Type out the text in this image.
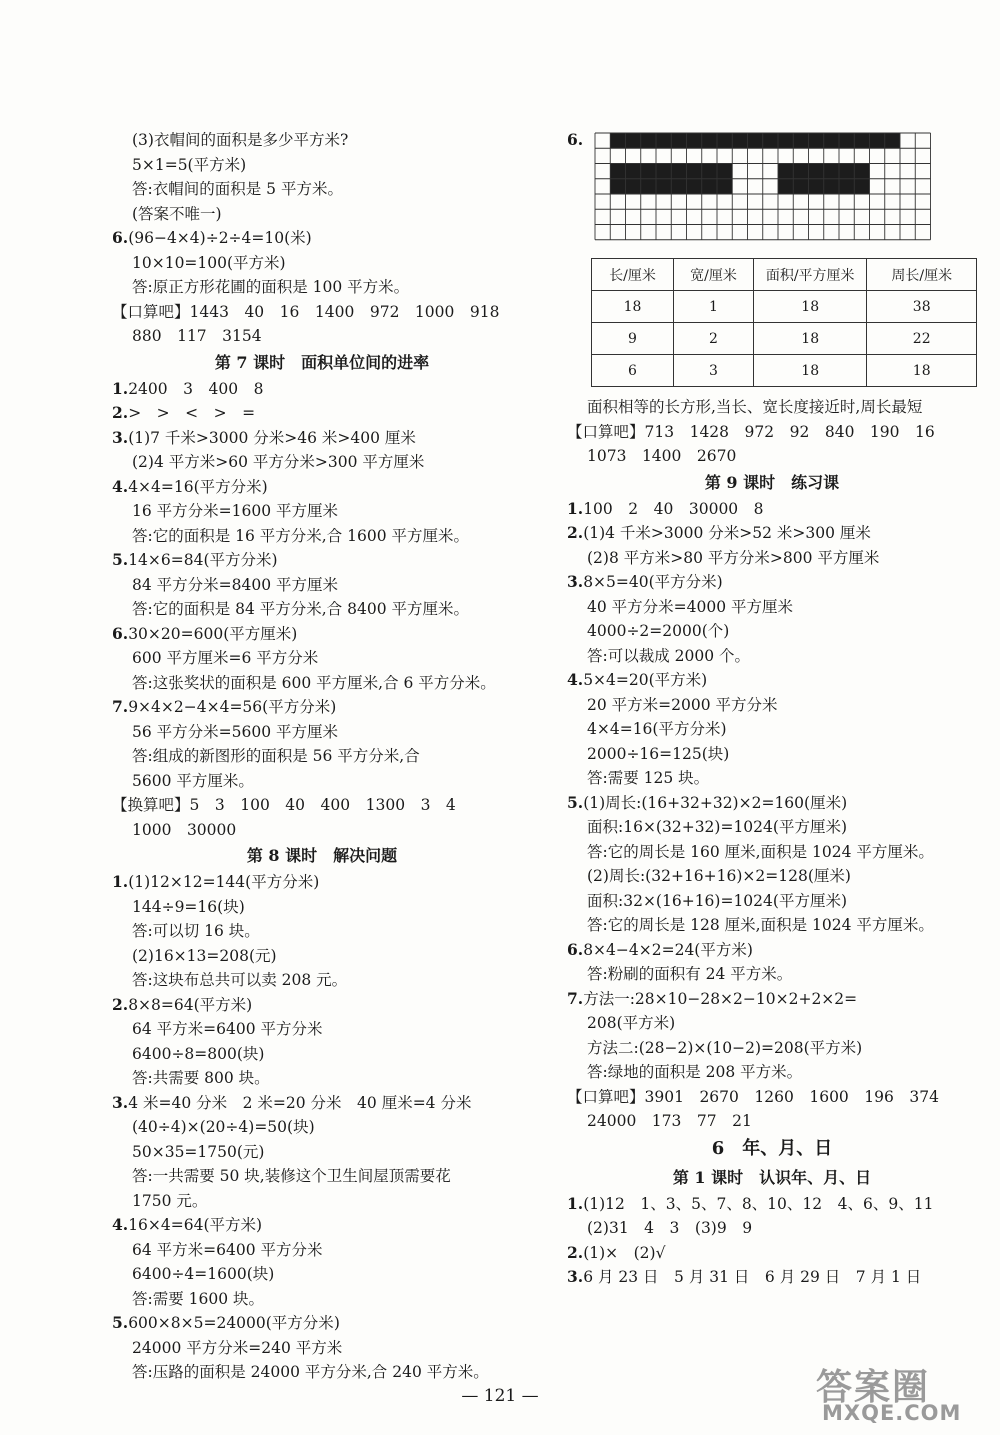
(3)衣帽间的面积是多少平方米?
5×1=5(平方米)
答:衣帽间的面积是 5 平方米。
(答案不唯一)
6.(96−4×4)÷2÷4=10(米)
10×10=100(平方米)
答:原正方形花圃的面积是 100 平方米。
【口算吧】1443　40　16　1400　972　1000　918
880　117　3154
第 7 课时　面积单位间的进率
1.2400　3　400　8
2.>　>　<　>　=
3.(1)7 千米>3000 分米>46 米>400 厘米
(2)4 平方米>60 平方分米>300 平方厘米
4.4×4=16(平方分米)
16 平方分米=1600 平方厘米
答:它的面积是 16 平方分米,合 1600 平方厘米。
5.14×6=84(平方分米)
84 平方分米=8400 平方厘米
答:它的面积是 84 平方分米,合 8400 平方厘米。
6.30×20=600(平方厘米)
600 平方厘米=6 平方分米
答:这张奖状的面积是 600 平方厘米,合 6 平方分米。
7.9×4×2−4×4=56(平方分米)
56 平方分米=5600 平方厘米
答:组成的新图形的面积是 56 平方分米,合
5600 平方厘米。
【换算吧】5　3　100　40　400　1300　3　4
1000　30000
第 8 课时　解决问题
1.(1)12×12=144(平方分米)
144÷9=16(块)
答:可以切 16 块。
(2)16×13=208(元)
答:这块布总共可以卖 208 元。
2.8×8=64(平方米)
64 平方米=6400 平方分米
6400÷8=800(块)
答:共需要 800 块。
3.4 米=40 分米　2 米=20 分米　40 厘米=4 分米
(40÷4)×(20÷4)=50(块)
50×35=1750(元)
答:一共需要 50 块,装修这个卫生间屋顶需要花
1750 元。
4.16×4=64(平方米)
64 平方米=6400 平方分米
6400÷4=1600(块)
答:需要 1600 块。
5.600×8×5=24000(平方分米)
24000 平方分米=240 平方米
答:压路的面积是 24000 平方分米,合 240 平方米。
6.
长/厘米	宽/厘米	面积/平方厘米	周长/厘米
18	1	18	38
9	2	18	22
6	3	18	18
面积相等的长方形,当长、宽长度接近时,周长最短
【口算吧】713　1428　972　92　840　190　16
1073　1400　2670
第 9 课时　练习课
1.100　2　40　30000　8
2.(1)4 千米>3000 分米>52 米>300 厘米
(2)8 平方米>80 平方分米>800 平方厘米
3.8×5=40(平方分米)
40 平方分米=4000 平方厘米
4000÷2=2000(个)
答:可以裁成 2000 个。
4.5×4=20(平方米)
20 平方米=2000 平方分米
4×4=16(平方分米)
2000÷16=125(块)
答:需要 125 块。
5.(1)周长:(16+32+32)×2=160(厘米)
面积:16×(32+32)=1024(平方厘米)
答:它的周长是 160 厘米,面积是 1024 平方厘米。
(2)周长:(32+16+16)×2=128(厘米)
面积:32×(16+16)=1024(平方厘米)
答:它的周长是 128 厘米,面积是 1024 平方厘米。
6.8×4−4×2=24(平方米)
答:粉刷的面积有 24 平方米。
7.方法一:28×10−28×2−10×2+2×2=
208(平方米)
方法二:(28−2)×(10−2)=208(平方米)
答:绿地的面积是 208 平方米。
【口算吧】3901　2670　1260　1600　196　374
24000　173　77　21
6　年、月、日
第 1 课时　认识年、月、日
1.(1)12　1、3、5、7、8、10、12　4、6、9、11
(2)31　4　3　(3)9　9
2.(1)×　(2)√
3.6 月 23 日　5 月 31 日　6 月 29 日　7 月 1 日
— 121 —	答案圈
MXQE.COM
